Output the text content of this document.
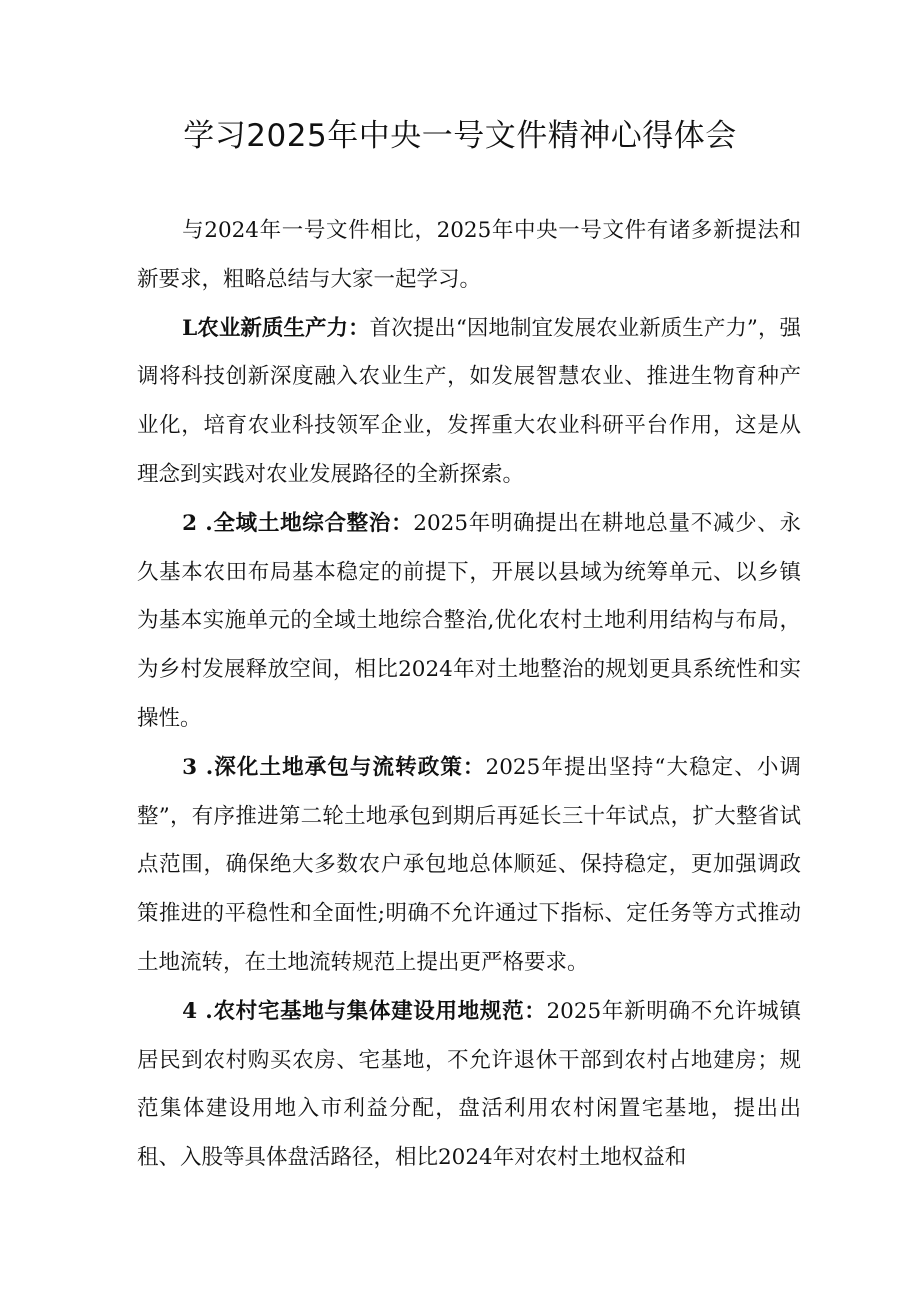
学习2025年中央一号文件精神心得体会

与2024年一号文件相比，2025年中央一号文件有诸多新提法和新要求，粗略总结与大家一起学习。

L农业新质生产力：首次提出“因地制宜发展农业新质生产力”，强调将科技创新深度融入农业生产，如发展智慧农业、推进生物育种产业化，培育农业科技领军企业，发挥重大农业科研平台作用，这是从理念到实践对农业发展路径的全新探索。

2 .全域土地综合整治：2025年明确提出在耕地总量不减少、永久基本农田布局基本稳定的前提下，开展以县域为统筹单元、以乡镇为基本实施单元的全域土地综合整治,优化农村土地利用结构与布局，为乡村发展释放空间，相比2024年对土地整治的规划更具系统性和实操性。

3 .深化土地承包与流转政策：2025年提出坚持“大稳定、小调整”，有序推进第二轮土地承包到期后再延长三十年试点，扩大整省试点范围，确保绝大多数农户承包地总体顺延、保持稳定，更加强调政策推进的平稳性和全面性;明确不允许通过下指标、定任务等方式推动土地流转，在土地流转规范上提出更严格要求。

4 .农村宅基地与集体建设用地规范：2025年新明确不允许城镇居民到农村购买农房、宅基地，不允许退休干部到农村占地建房；规范集体建设用地入市利益分配，盘活利用农村闲置宅基地，提出出租、入股等具体盘活路径，相比2024年对农村土地权益和
